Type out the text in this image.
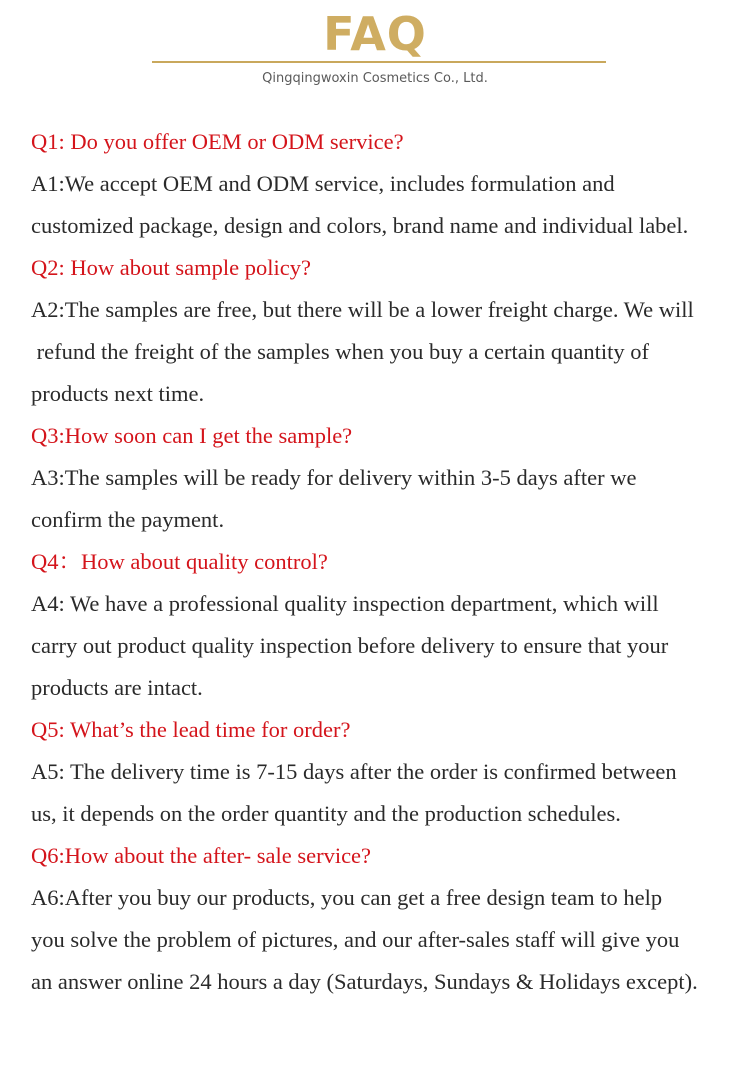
FAQ
Qingqingwoxin Cosmetics Co., Ltd.
Q1: Do you offer OEM or ODM service?
A1:We accept OEM and ODM service, includes formulation and
customized package, design and colors, brand name and individual label.
Q2: How about sample policy?
A2:The samples are free, but there will be a lower freight charge. We will
refund the freight of the samples when you buy a certain quantity of
products next time.
Q3:How soon can I get the sample?
A3:The samples will be ready for delivery within 3-5 days after we
confirm the payment.
Q4：How about quality control?
A4: We have a professional quality inspection department, which will
carry out product quality inspection before delivery to ensure that your
products are intact.
Q5: What’s the lead time for order?
A5: The delivery time is 7-15 days after the order is confirmed between
us, it depends on the order quantity and the production schedules.
Q6:How about the after- sale service?
A6:After you buy our products, you can get a free design team to help
you solve the problem of pictures, and our after-sales staff will give you
an answer online 24 hours a day (Saturdays, Sundays & Holidays except).
